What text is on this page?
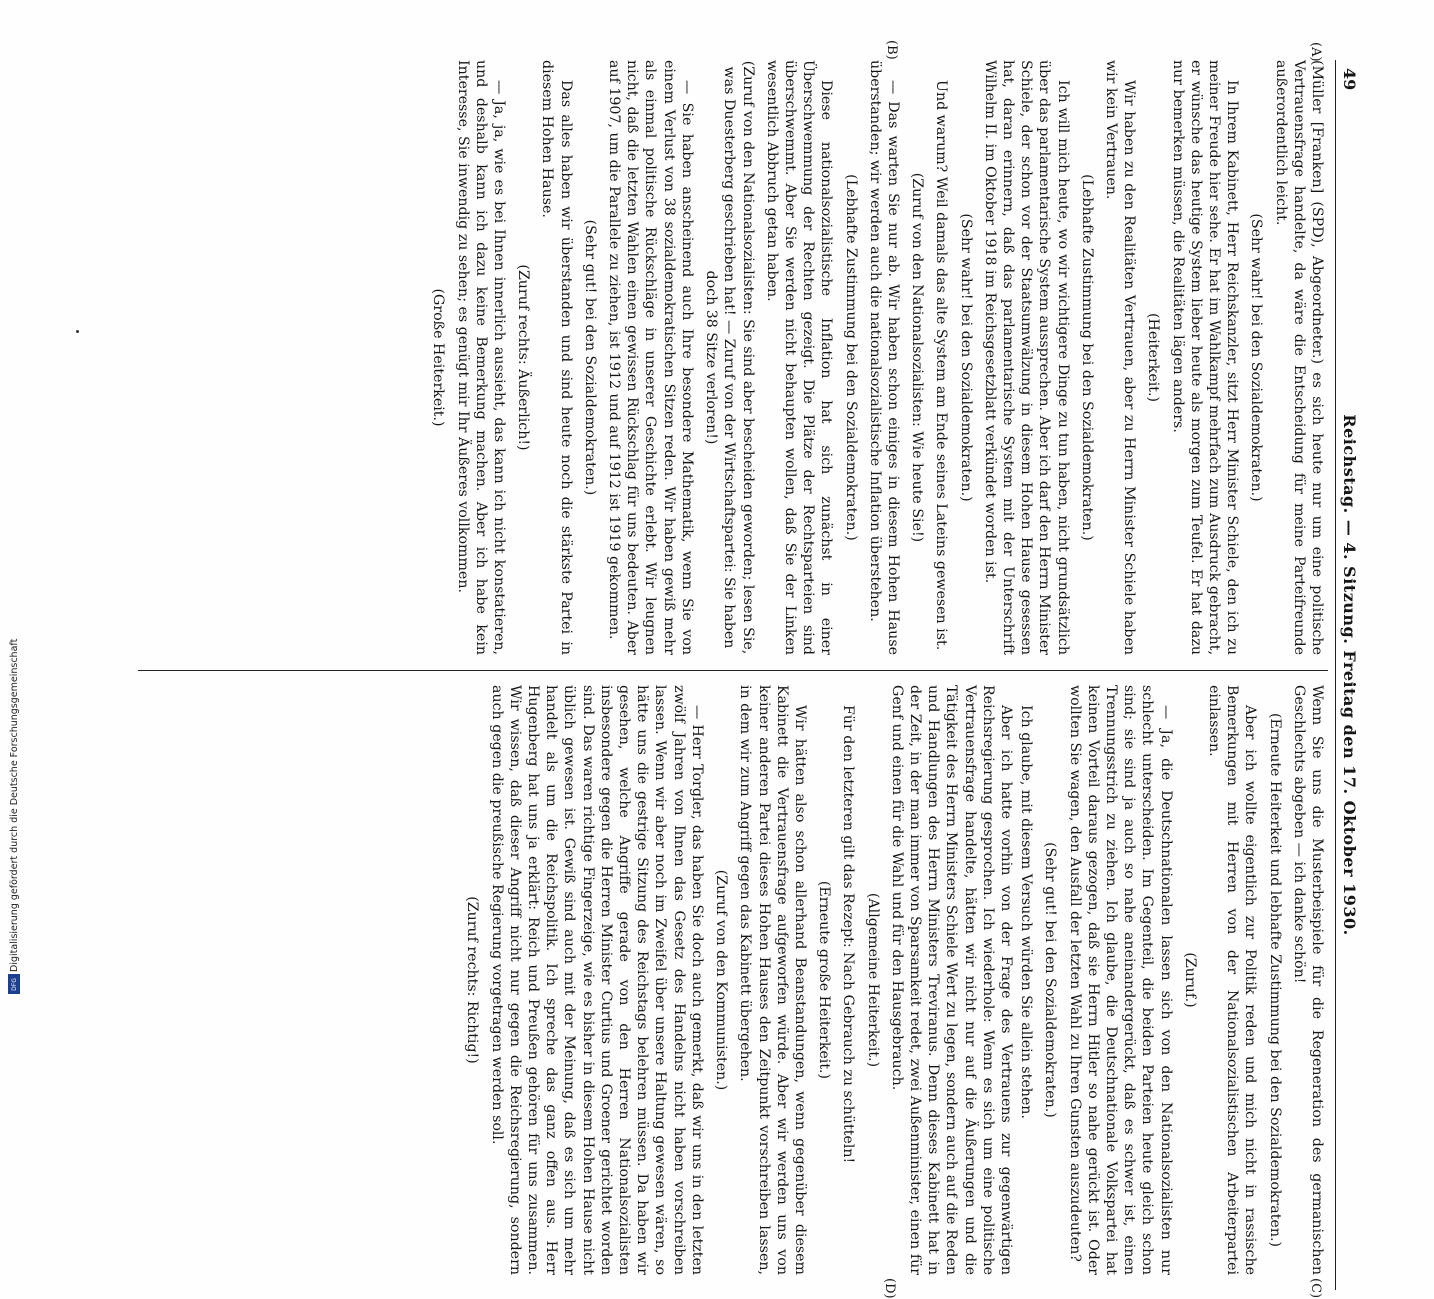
49
Reichstag. — 4. Sitzung. Freitag den 17. Oktober 1930.

(Müller [Franken] (SPD), Abgeordneter.) es sich heute nur um eine politische Vertrauensfrage handelte, da wäre die Entscheidung für meine Parteifreunde außerordentlich leicht.

(Sehr wahr! bei den Sozialdemokraten.)

In Ihrem Kabinett, Herr Reichskanzler, sitzt Herr Minister Schiele, den ich zu meiner Freude hier sehe. Er hat im Wahlkampf mehrfach zum Ausdruck gebracht, er wünsche das heutige System lieber heute als morgen zum Teufel. Er hat dazu nur bemerken müssen, die Realitäten lägen anders.

(Heiterkeit.)

Wir haben zu den Realitäten Vertrauen, aber zu Herrn Minister Schiele haben wir kein Vertrauen.

(Lebhafte Zustimmung bei den Sozialdemokraten.)

Ich will mich heute, wo wir wichtigere Dinge zu tun haben, nicht grundsätzlich über das parlamentarische System aussprechen. Aber ich darf den Herrn Minister Schiele, der schon vor der Staatsumwälzung in diesem Hohen Hause gesessen hat, daran erinnern, daß das parlamentarische System mit der Unterschrift Wilhelm II. im Oktober 1918 im Reichsgesetzblatt verkündet worden ist.

(Sehr wahr! bei den Sozialdemokraten.)

Und warum? Weil damals das alte System am Ende seines Lateins gewesen ist.

(Zuruf von den Nationalsozialisten: Wie heute Sie!)

— Das warten Sie nur ab. Wir haben schon einiges in diesem Hohen Hause überstanden; wir werden auch die nationalsozialistische Inflation überstehen.

(Lebhafte Zustimmung bei den Sozialdemokraten.)

Diese nationalsozialistische Inflation hat sich zunächst in einer Überschwemmung der Rechten gezeigt. Die Plätze der Rechtsparteien sind überschwemmt. Aber Sie werden nicht behaupten wollen, daß Sie der Linken wesentlich Abbruch getan haben.

(Zuruf von den Nationalsozialisten: Sie sind aber bescheiden geworden; lesen Sie, was Duesterberg geschrieben hat! — Zuruf von der Wirtschaftspartei: Sie haben doch 38 Sitze verloren!)

— Sie haben anscheinend auch Ihre besondere Mathematik, wenn Sie von einem Verlust von 38 sozialdemokratischen Sitzen reden. Wir haben gewiß mehr als einmal politische Rückschläge in unserer Geschichte erlebt. Wir leugnen nicht, daß die letzten Wahlen einen gewissen Rückschlag für uns bedeuten. Aber auf 1907, um die Parallele zu ziehen, ist 1912 und auf 1912 ist 1919 gekommen.

(Sehr gut! bei den Sozialdemokraten.)

Das alles haben wir überstanden und sind heute noch die stärkste Partei in diesem Hohen Hause.

(Zuruf rechts: Äußerlich!)

— Ja, ja, wie es bei Ihnen innerlich aussieht, das kann ich nicht konstatieren, und deshalb kann ich dazu keine Bemerkung machen. Aber ich habe kein Interesse, Sie inwendig zu sehen; es genügt mir Ihr Äußeres vollkommen.

(Große Heiterkeit.)

Wenn Sie uns die Musterbeispiele für die Regeneration des germanischen Geschlechts abgeben — ich danke schön!

(Erneute Heiterkeit und lebhafte Zustimmung bei den Sozialdemokraten.)

Aber ich wollte eigentlich zur Politik reden und mich nicht in rassische Bemerkungen mit Herren von der Nationalsozialistischen Arbeiterpartei einlassen.

(Zuruf.)

— Ja, die Deutschnationalen lassen sich von den Nationalsozialisten nur schlecht unterscheiden. Im Gegenteil, die beiden Parteien heute gleich schon sind; sie sind ja auch so nahe aneinandergerückt, daß es schwer ist, einen Trennungsstrich zu ziehen. Ich glaube, die Deutschnationale Volkspartei hat keinen Vorteil daraus gezogen, daß sie Herrn Hitler so nahe gerückt ist. Oder wollten Sie wagen, den Ausfall der letzten Wahl zu Ihren Gunsten auszudeuten?

(Sehr gut! bei den Sozialdemokraten.)

Ich glaube, mit diesem Versuch würden Sie allein stehen.

Aber ich hatte vorhin von der Frage des Vertrauens zur gegenwärtigen Reichsregierung gesprochen. Ich wiederhole: Wenn es sich um eine politische Vertrauensfrage handelte, hätten wir nicht nur auf die Äußerungen und die Tätigkeit des Herrn Ministers Schiele Wert zu legen, sondern auch auf die Reden und Handlungen des Herrn Ministers Treviranus. Denn dieses Kabinett hat in der Zeit, in der man immer von Sparsamkeit redet, zwei Außenminister, einen für Genf und einen für die Wahl und für den Hausgebrauch.

(Allgemeine Heiterkeit.)

Für den letzteren gilt das Rezept: Nach Gebrauch zu schütteln!

(Erneute große Heiterkeit.)

Wir hätten also schon allerhand Beanstandungen, wenn gegenüber diesem Kabinett die Vertrauensfrage aufgeworfen würde. Aber wir werden uns von keiner anderen Partei dieses Hohen Hauses den Zeitpunkt vorschreiben lassen, in dem wir zum Angriff gegen das Kabinett übergehen.

(Zuruf von den Kommunisten.)

— Herr Torgler, das haben Sie doch auch gemerkt, daß wir uns in den letzten zwölf Jahren von Ihnen das Gesetz des Handelns nicht haben vorschreiben lassen. Wenn wir aber noch im Zweifel über unsere Haltung gewesen wären, so hätte uns die gestrige Sitzung des Reichstags belehren müssen. Da haben wir gesehen, welche Angriffe gerade von den Herren Nationalsozialisten insbesondere gegen die Herren Minister Curtius und Groener gerichtet worden sind. Das waren richtige Fingerzeige, wie es bisher in diesem Hohen Hause nicht üblich gewesen ist. Gewiß sind auch mit der Meinung, daß es sich um mehr handelt als um die Reichspolitik. Ich spreche das ganz offen aus. Herr Hugenberg hat uns ja erklärt: Reich und Preußen gehören für uns zusammen. Wir wissen, daß dieser Angriff nicht nur gegen die Reichsregierung, sondern auch gegen die preußische Regierung vorgetragen werden soll.

(Zuruf rechts: Richtig!)

(A)
(B)
(C)
(D)
Digitalisierung gefördert durch die Deutsche Forschungsgemeinschaft
DFG
